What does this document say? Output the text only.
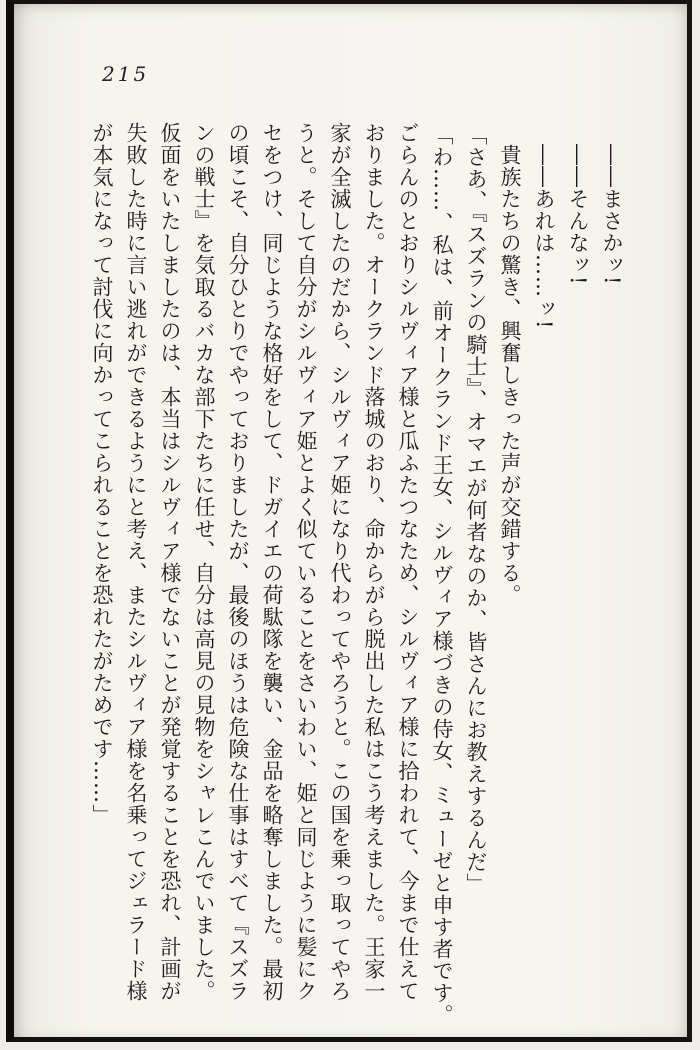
215
――まさかッ!
――そんなッ!
――あれは……ッ!
貴族たちの驚き、興奮しきった声が交錯する。
「さあ、『スズランの騎士』、オマエが何者なのか、皆さんにお教えするんだ」
「わ……、私は、前オークランド王女、シルヴィア様づきの侍女、ミューゼと申す者です。
ごらんのとおりシルヴィア様と瓜ふたつなため、シルヴィア様に拾われて、今まで仕えて
おりました。オークランド落城のおり、命からがら脱出した私はこう考えました。王家一
家が全滅したのだから、シルヴィア姫になり代わってやろうと。この国を乗っ取ってやろ
うと。そして自分がシルヴィア姫とよく似ていることをさいわい、姫と同じように髪にク
セをつけ、同じような格好をして、ドガイエの荷駄隊を襲い、金品を略奪しました。最初
の頃こそ、自分ひとりでやっておりましたが、最後のほうは危険な仕事はすべて『スズラ
ンの戦士』を気取るバカな部下たちに任せ、自分は高見の見物をシャレこんでいました。
仮面をいたしましたのは、本当はシルヴィア様でないことが発覚することを恐れ、計画が
失敗した時に言い逃れができるようにと考え、またシルヴィア様を名乗ってジェラード様
が本気になって討伐に向かってこられることを恐れたがためです……」
